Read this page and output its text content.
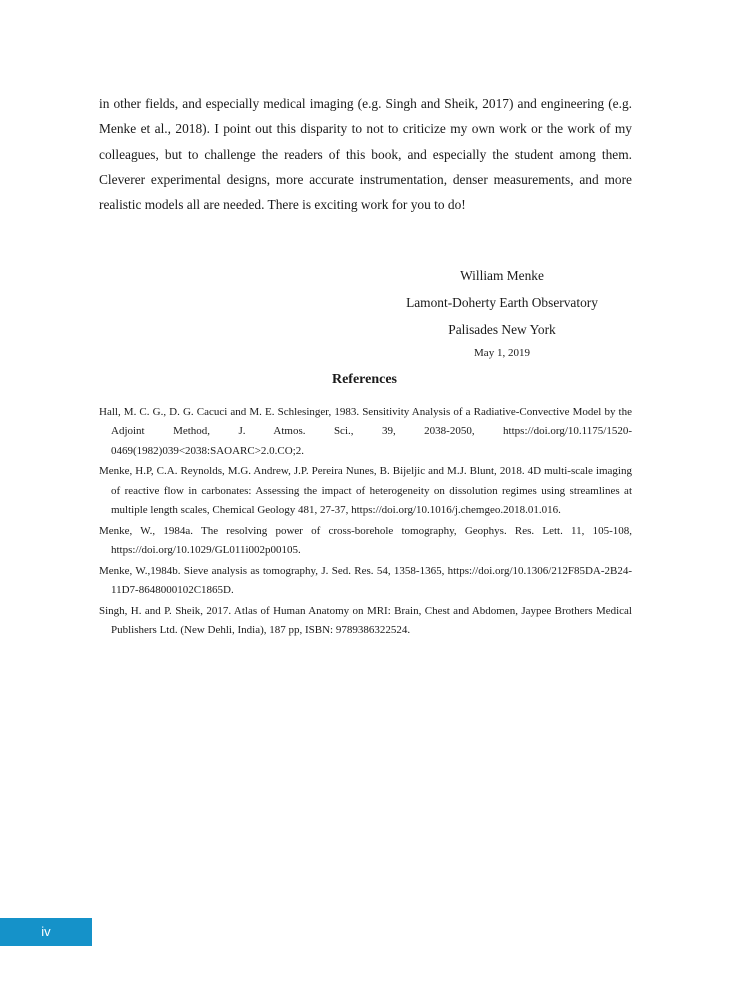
in other fields, and especially medical imaging (e.g. Singh and Sheik, 2017) and engineering (e.g. Menke et al., 2018). I point out this disparity to not to criticize my own work or the work of my colleagues, but to challenge the readers of this book, and especially the student among them. Cleverer experimental designs, more accurate instrumentation, denser measurements, and more realistic models all are needed. There is exciting work for you to do!

William Menke
Lamont-Doherty Earth Observatory
Palisades New York
May 1, 2019
References
Hall, M. C. G., D. G. Cacuci and M. E. Schlesinger, 1983. Sensitivity Analysis of a Radiative-Convective Model by the Adjoint Method, J. Atmos. Sci., 39, 2038-2050, https://doi.org/10.1175/1520-0469(1982)039<2038:SAOARC>2.0.CO;2.
Menke, H.P, C.A. Reynolds, M.G. Andrew, J.P. Pereira Nunes, B. Bijeljic and M.J. Blunt, 2018. 4D multi-scale imaging of reactive flow in carbonates: Assessing the impact of heterogeneity on dissolution regimes using streamlines at multiple length scales, Chemical Geology 481, 27-37, https://doi.org/10.1016/j.chemgeo.2018.01.016.
Menke, W., 1984a. The resolving power of cross-borehole tomography, Geophys. Res. Lett. 11, 105-108, https://doi.org/10.1029/GL011i002p00105.
Menke, W.,1984b. Sieve analysis as tomography, J. Sed. Res. 54, 1358-1365, https://doi.org/10.1306/212F85DA-2B24-11D7-8648000102C1865D.
Singh, H. and P. Sheik, 2017. Atlas of Human Anatomy on MRI: Brain, Chest and Abdomen, Jaypee Brothers Medical Publishers Ltd. (New Dehli, India), 187 pp, ISBN: 9789386322524.
iv
